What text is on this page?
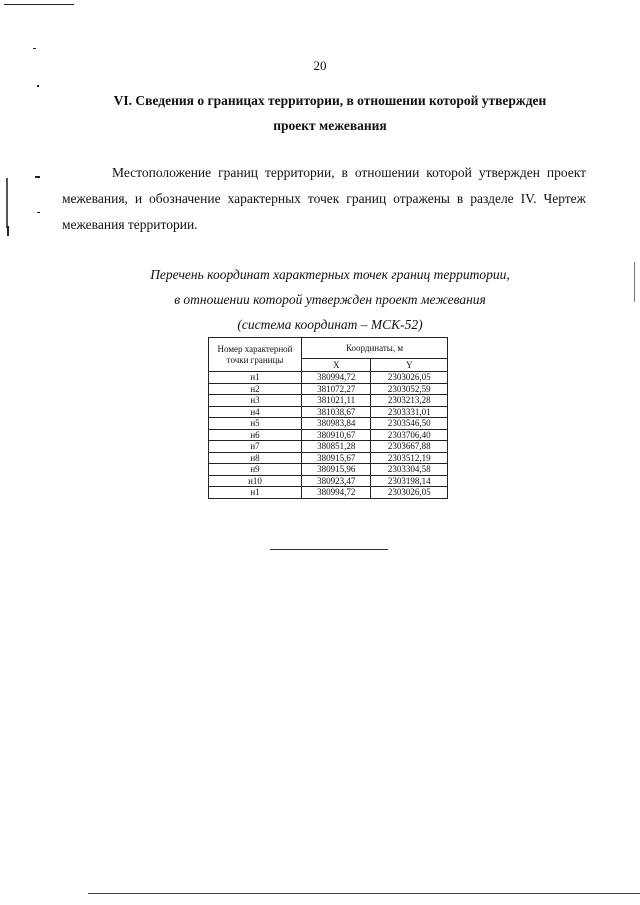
20
VI. Сведения о границах территории, в отношении которой утвержден
проект межевания
Местоположение границ территории, в отношении которой утвержден проект межевания, и обозначение характерных точек границ отражены в разделе IV. Чертеж межевания территории.
Перечень координат характерных точек границ территории,
в отношении которой утвержден проект межевания
(система координат – МСК-52)
Номер характерной точки границы	Координаты, м	
	X	Y
н1	380994,72	2303026,05
н2	381072,27	2303052,59
н3	381021,11	2303213,28
н4	381038,67	2303331,01
н5	380983,84	2303546,50
н6	380910,67	2303706,40
н7	380851,28	2303667,88
н8	380915,67	2303512,19
н9	380915,96	2303304,58
н10	380923,47	2303198,14
н1	380994,72	2303026,05
